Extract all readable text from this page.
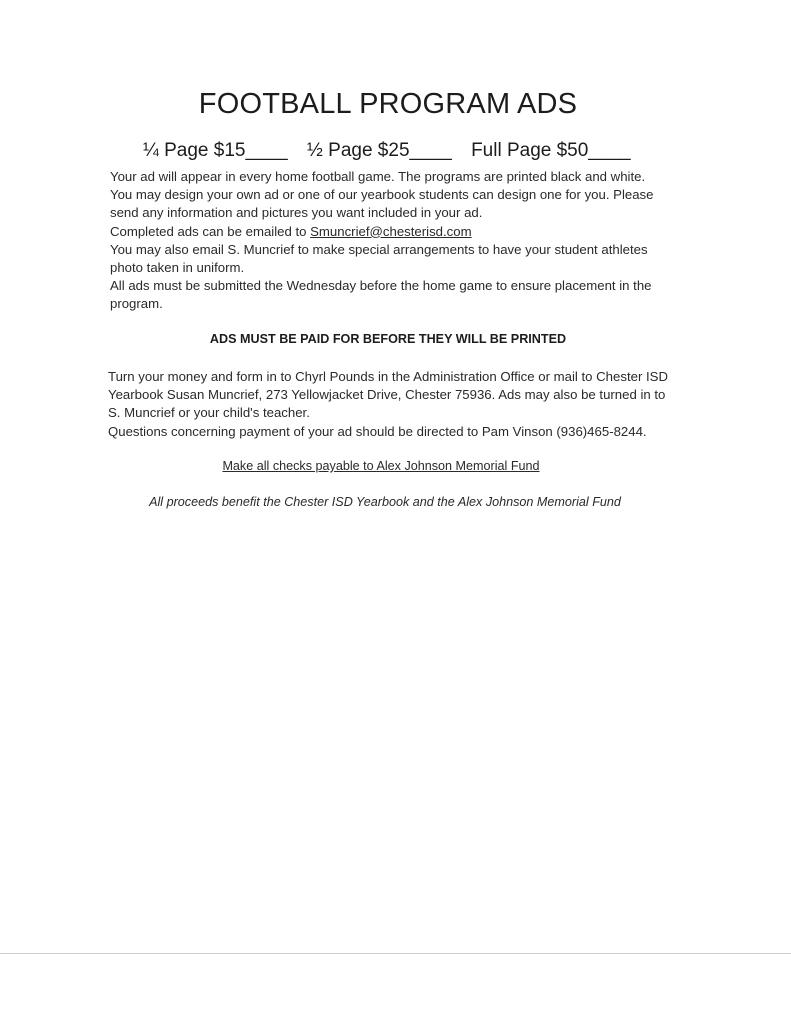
FOOTBALL PROGRAM ADS
¼ Page $15____ ½ Page $25____ Full Page $50____

Your ad will appear in every home football game. The programs are printed black and white.

You may design your own ad or one of our yearbook students can design one for you. Please

send any information and pictures you want included in your ad.

Completed ads can be emailed to Smuncrief@chesterisd.com

You may also email S. Muncrief to make special arrangements to have your student athletes

photo taken in uniform.

All ads must be submitted the Wednesday before the home game to ensure placement in the

program.

ADS MUST BE PAID FOR BEFORE THEY WILL BE PRINTED

Turn your money and form in to Chyrl Pounds in the Administration Office or mail to Chester ISD

Yearbook Susan Muncrief, 273 Yellowjacket Drive, Chester 75936. Ads may also be turned in to

S. Muncrief or your child's teacher.

Questions concerning payment of your ad should be directed to Pam Vinson (936)465-8244.

Make all checks payable to Alex Johnson Memorial Fund
All proceeds benefit the Chester ISD Yearbook and the Alex Johnson Memorial Fund
